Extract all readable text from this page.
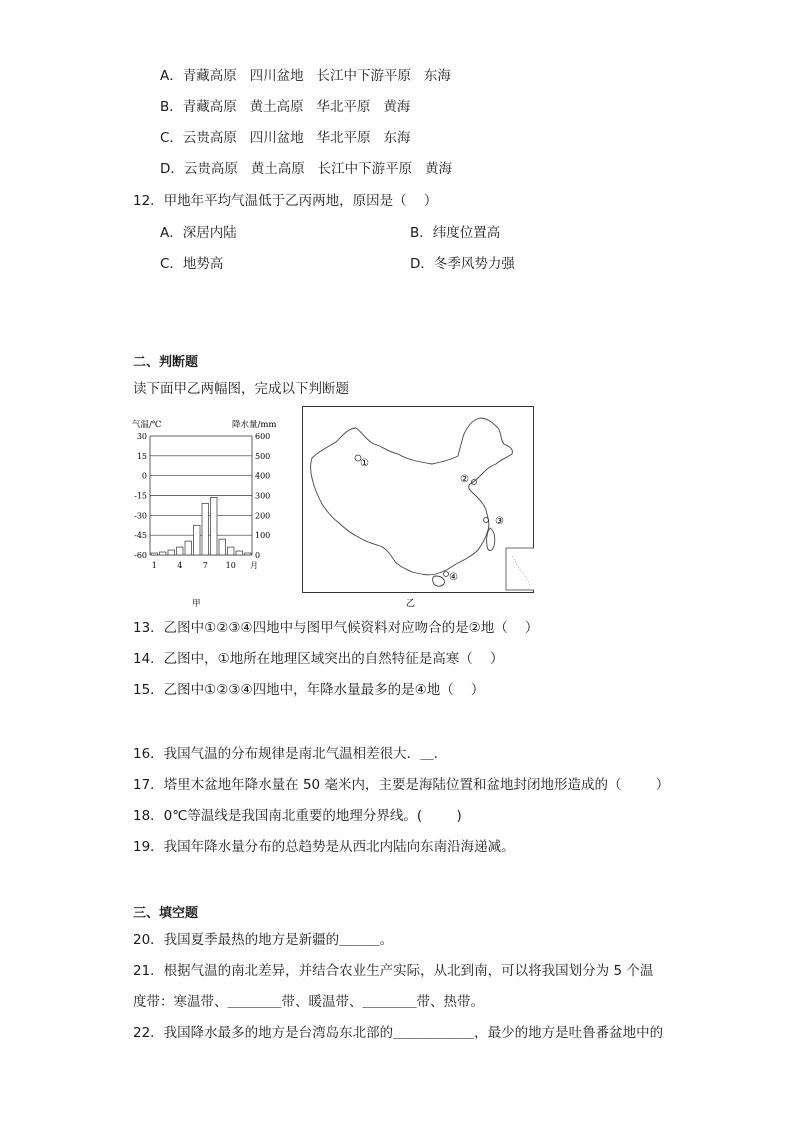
A．青藏高原   四川盆地   长江中下游平原   东海
B．青藏高原   黄土高原   华北平原   黄海
C．云贵高原   四川盆地   华北平原   东海
D．云贵高原   黄土高原   长江中下游平原   黄海
12．甲地年平均气温低于乙丙两地，原因是（    ）
A．深居内陆	B．纬度位置高
C．地势高	D．冬季风势力强
二、判断题
读下面甲乙两幅图，完成以下判断题
气温/℃	降水量/mm
30
15
0
-15
-30
-45
-60
600
500
400
300
200
100
0
1	4	7 10 月
甲
①
②
③
④
乙
13．乙图中①②③④四地中与图甲气候资料对应吻合的是②地（    ）
14．乙图中，①地所在地理区域突出的自然特征是高寒（    ）
15．乙图中①②③④四地中，年降水量最多的是④地（    ）
16．我国气温的分布规律是南北气温相差很大．＿．
17．塔里木盆地年降水量在 50 毫米内，主要是海陆位置和盆地封闭地形造成的（        ）
18．0℃等温线是我国南北重要的地理分界线。(        )
19．我国年降水量分布的总趋势是从西北内陆向东南沿海递减。
三、填空题
20．我国夏季最热的地方是新疆的＿＿＿。
21．根据气温的南北差异，并结合农业生产实际，从北到南，可以将我国划分为 5 个温
度带：寒温带、＿＿＿＿带、暖温带、＿＿＿＿带、热带。
22．我国降水最多的地方是台湾岛东北部的＿＿＿＿＿＿，最少的地方是吐鲁番盆地中的
